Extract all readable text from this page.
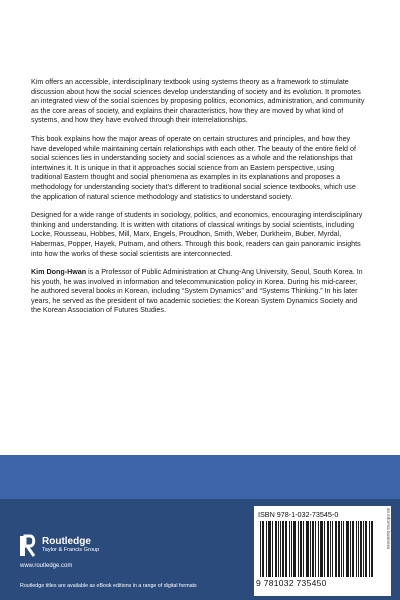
Kim offers an accessible, interdisciplinary textbook using systems theory as a framework to stimulate discussion about how the social sciences develop understanding of society and its evolution. It promotes an integrated view of the social sciences by proposing politics, economics, administration, and community as the core areas of society, and explains their characteristics, how they are moved by what kind of systems, and how they have evolved through their interrelationships.

This book explains how the major areas of operate on certain structures and principles, and how they have developed while maintaining certain relationships with each other. The beauty of the entire field of social sciences lies in understanding society and social sciences as a whole and the relationships that intertwines it. It is unique in that it approaches social science from an Eastern perspective, using traditional Eastern thought and social phenomena as examples in its explanations and proposes a methodology for understanding society that’s different to traditional social science textbooks, which use the application of natural science methodology and statistics to understand society.

Designed for a wide range of students in sociology, politics, and economics, encouraging interdisciplinary thinking and understanding. It is written with citations of classical writings by social scientists, including Locke, Rousseau, Hobbes, Mill, Marx, Engels, Proudhon, Smith, Weber, Durkheim, Buber, Myrdal, Habermas, Popper, Hayek, Putnam, and others. Through this book, readers can gain panoramic insights into how the works of these social scientists are interconnected.

Kim Dong-Hwan is a Professor of Public Administration at Chung-Ang University, Seoul, South Korea. In his youth, he was involved in information and telecommunication policy in Korea. During his mid-career, he authored several books in Korean, including “System Dynamics” and “Systems Thinking.” In his later years, he served as the president of two academic societies: the Korean System Dynamics Society and the Korean Association of Futures Studies.

Routledge
Taylor & Francis Group
www.routledge.com
Routledge titles are available as eBook editions in a range of digital formats
ISBN 978-1-032-73545-0
9 781032 735450
an informa business
